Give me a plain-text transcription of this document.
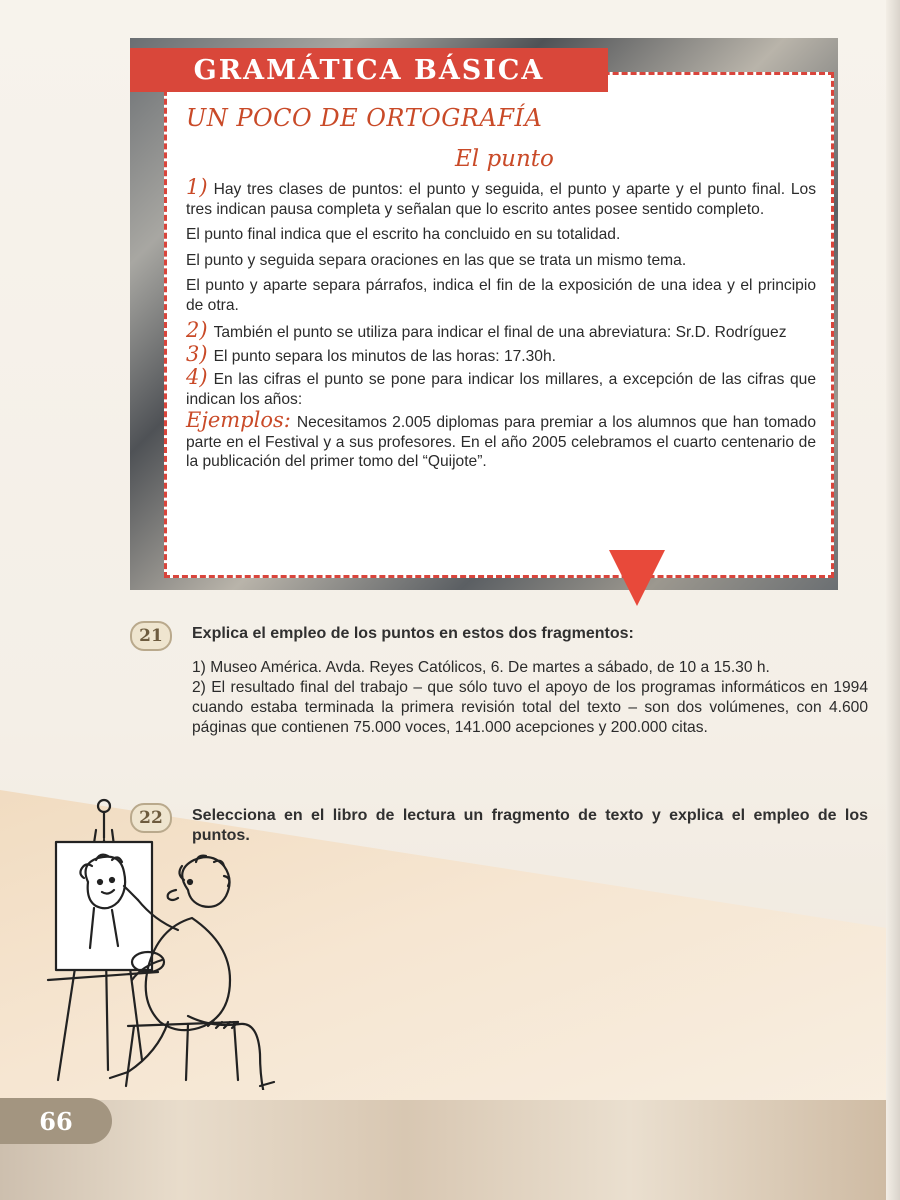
GRAMÁTICA BÁSICA
UN POCO DE ORTOGRAFÍA
El punto

1) Hay tres clases de puntos: el punto y seguida, el punto y aparte y el punto final. Los tres indican pausa completa y señalan que lo escrito antes posee sentido completo.

El punto final indica que el escrito ha concluido en su totalidad.

El punto y seguida separa oraciones en las que se trata un mismo tema.

El punto y aparte separa párrafos, indica el fin de la exposición de una idea y el principio de otra.

2) También el punto se utiliza para indicar el final de una abreviatura: Sr.D. Rodríguez

3) El punto separa los minutos de las horas: 17.30h.

4) En las cifras el punto se pone para indicar los millares, a excepción de las cifras que indican los años:

Ejemplos: Necesitamos 2.005 diplomas para premiar a los alumnos que han tomado parte en el Festival y a sus profesores. En el año 2005 celebramos el cuarto centenario de la publicación del primer tomo del “Quijote”.

21	Explica el empleo de los puntos en estos dos fragmentos:

1) Museo América. Avda. Reyes Católicos, 6. De martes a sábado, de 10 a 15.30 h.

2) El resultado final del trabajo – que sólo tuvo el apoyo de los programas informáticos en 1994 cuando estaba terminada la primera revisión total del texto – son dos volúmenes, con 4.600 páginas que contienen 75.000 voces, 141.000 acepciones y 200.000 citas.

22	Selecciona en el libro de lectura un fragmento de texto y explica el empleo de los puntos.
66
